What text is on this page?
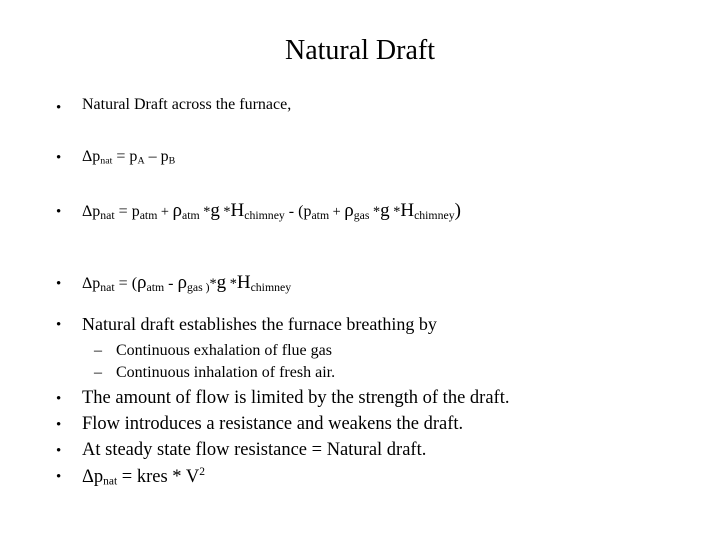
Natural Draft
• Natural Draft across the furnace,
• $\Delta p_{nat} = p_A - p_B$
• $\Delta p_{nat} = p_{atm} + \rho_{atm}$ *g $*H_{chimney} - (p_{atm} + \rho_{gas}$ *g $*H_{chimney}$)
• $\Delta p_{nat} = (\rho_{atm} - \rho_{gas )}*g$ $*H_{chimney}$
• Natural draft establishes the furnace breathing by
– Continuous exhalation of flue gas
– Continuous inhalation of fresh air.
• The amount of flow is limited by the strength of the draft.
• Flow introduces a resistance and weakens the draft.
• At steady state flow resistance = Natural draft.
• $\Delta p_{nat}$ = kres * $V^2$
